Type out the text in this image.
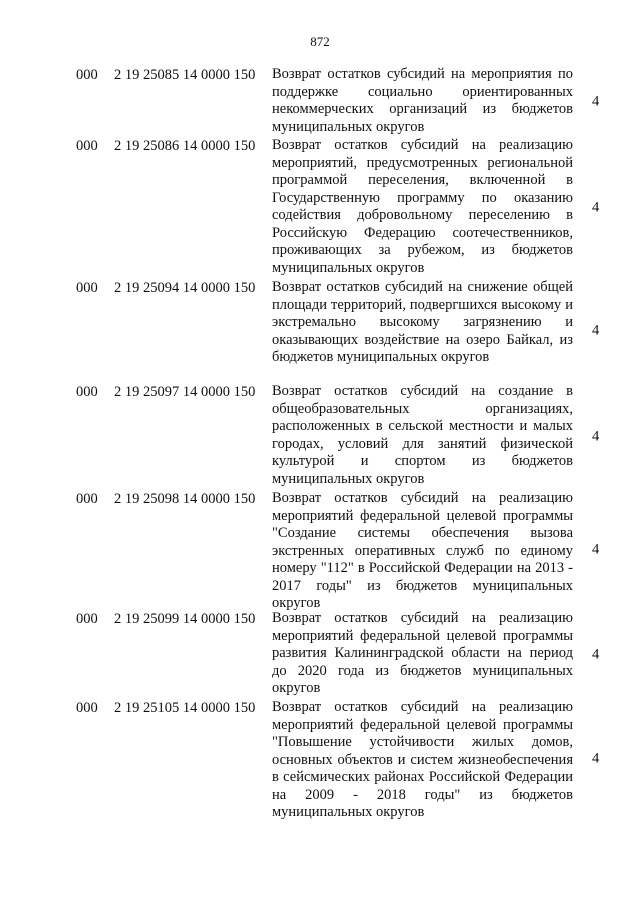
872
000 2 19 25085 14 0000 150 Возврат остатков субсидий на мероприятия по поддержке социально ориентированных некоммерческих организаций из бюджетов муниципальных округов
4
000 2 19 25086 14 0000 150 Возврат остатков субсидий на реализацию мероприятий, предусмотренных региональной программой переселения, включенной в Государственную программу по оказанию содействия добровольному переселению в Российскую Федерацию соотечественников, проживающих за рубежом, из бюджетов муниципальных округов
4
000 2 19 25094 14 0000 150 Возврат остатков субсидий на снижение общей площади территорий, подвергшихся высокому и экстремально высокому загрязнению и оказывающих воздействие на озеро Байкал, из бюджетов муниципальных округов
4
000 2 19 25097 14 0000 150 Возврат остатков субсидий на создание в общеобразовательных организациях, расположенных в сельской местности и малых городах, условий для занятий физической культурой и спортом из бюджетов муниципальных округов
4
000 2 19 25098 14 0000 150 Возврат остатков субсидий на реализацию мероприятий федеральной целевой программы "Создание системы обеспечения вызова экстренных оперативных служб по единому номеру "112" в Российской Федерации на 2013 - 2017 годы" из бюджетов муниципальных округов
4
000 2 19 25099 14 0000 150 Возврат остатков субсидий на реализацию мероприятий федеральной целевой программы развития Калининградской области на период до 2020 года из бюджетов муниципальных округов
4
000 2 19 25105 14 0000 150 Возврат остатков субсидий на реализацию мероприятий федеральной целевой программы "Повышение устойчивости жилых домов, основных объектов и систем жизнеобеспечения в сейсмических районах Российской Федерации на 2009 - 2018 годы" из бюджетов муниципальных округов
4
